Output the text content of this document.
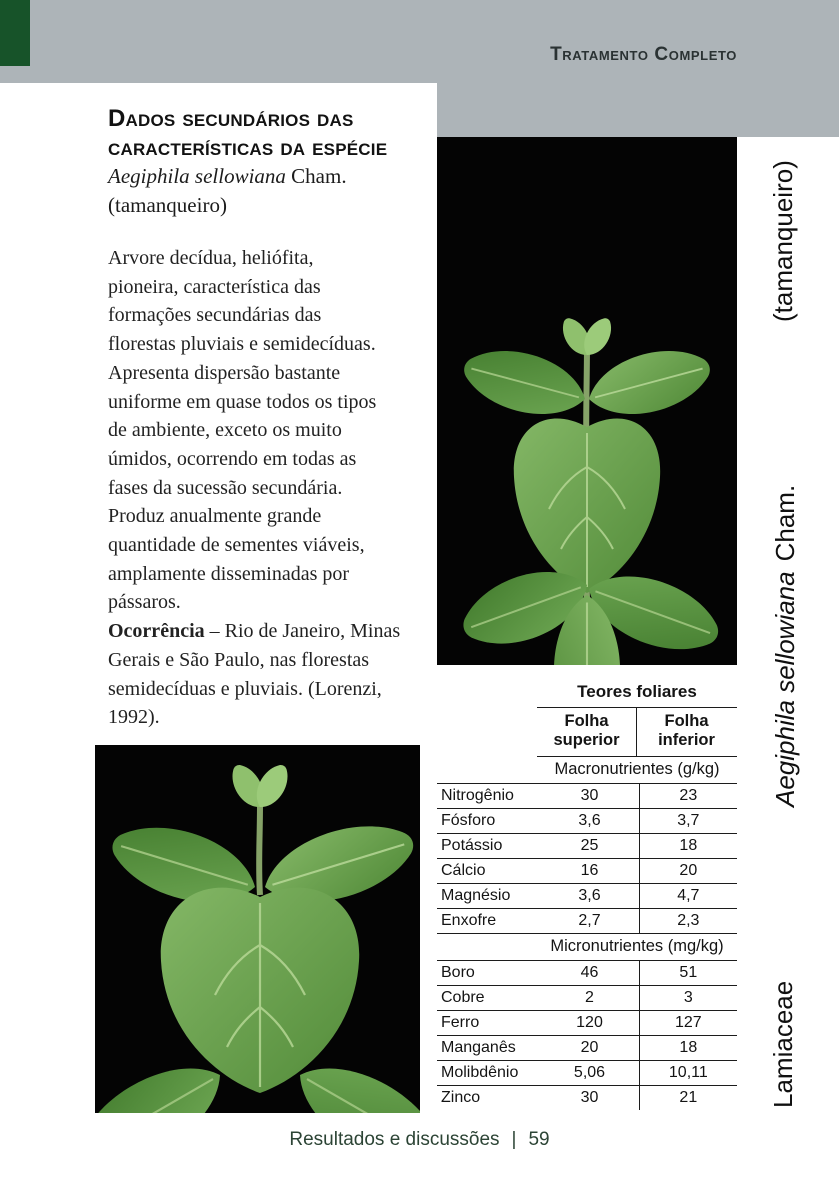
Tratamento Completo
Dados secundários das características da espécie
Aegiphila sellowiana Cham.
(tamanqueiro)
Arvore decídua, heliófita,
pioneira, característica das
formações secundárias das
florestas pluviais e semidecíduas.
Apresenta dispersão bastante
uniforme em quase todos os tipos
de ambiente, exceto os muito
úmidos, ocorrendo em todas as
fases da sucessão secundária.
Produz anualmente grande
quantidade de sementes viáveis,
amplamente disseminadas por
pássaros.
Ocorrência – Rio de Janeiro, Minas
Gerais e São Paulo, nas florestas
semidecíduas e pluviais. (Lorenzi,
1992).
Teores foliares
Folha superior
Folha inferior
Macronutrientes (g/kg)
Nitrogênio	30	23
Fósforo	3,6	3,7
Potássio	25	18
Cálcio	16	20
Magnésio	3,6	4,7
Enxofre	2,7	2,3
Micronutrientes (mg/kg)
Boro	46	51
Cobre	2	3
Ferro	120	127
Manganês	20	18
Molibdênio	5,06	10,11
Zinco	30	21
(tamanqueiro)
Aegiphila sellowianaCham.
Lamiaceae
Resultados e discussões | 59
